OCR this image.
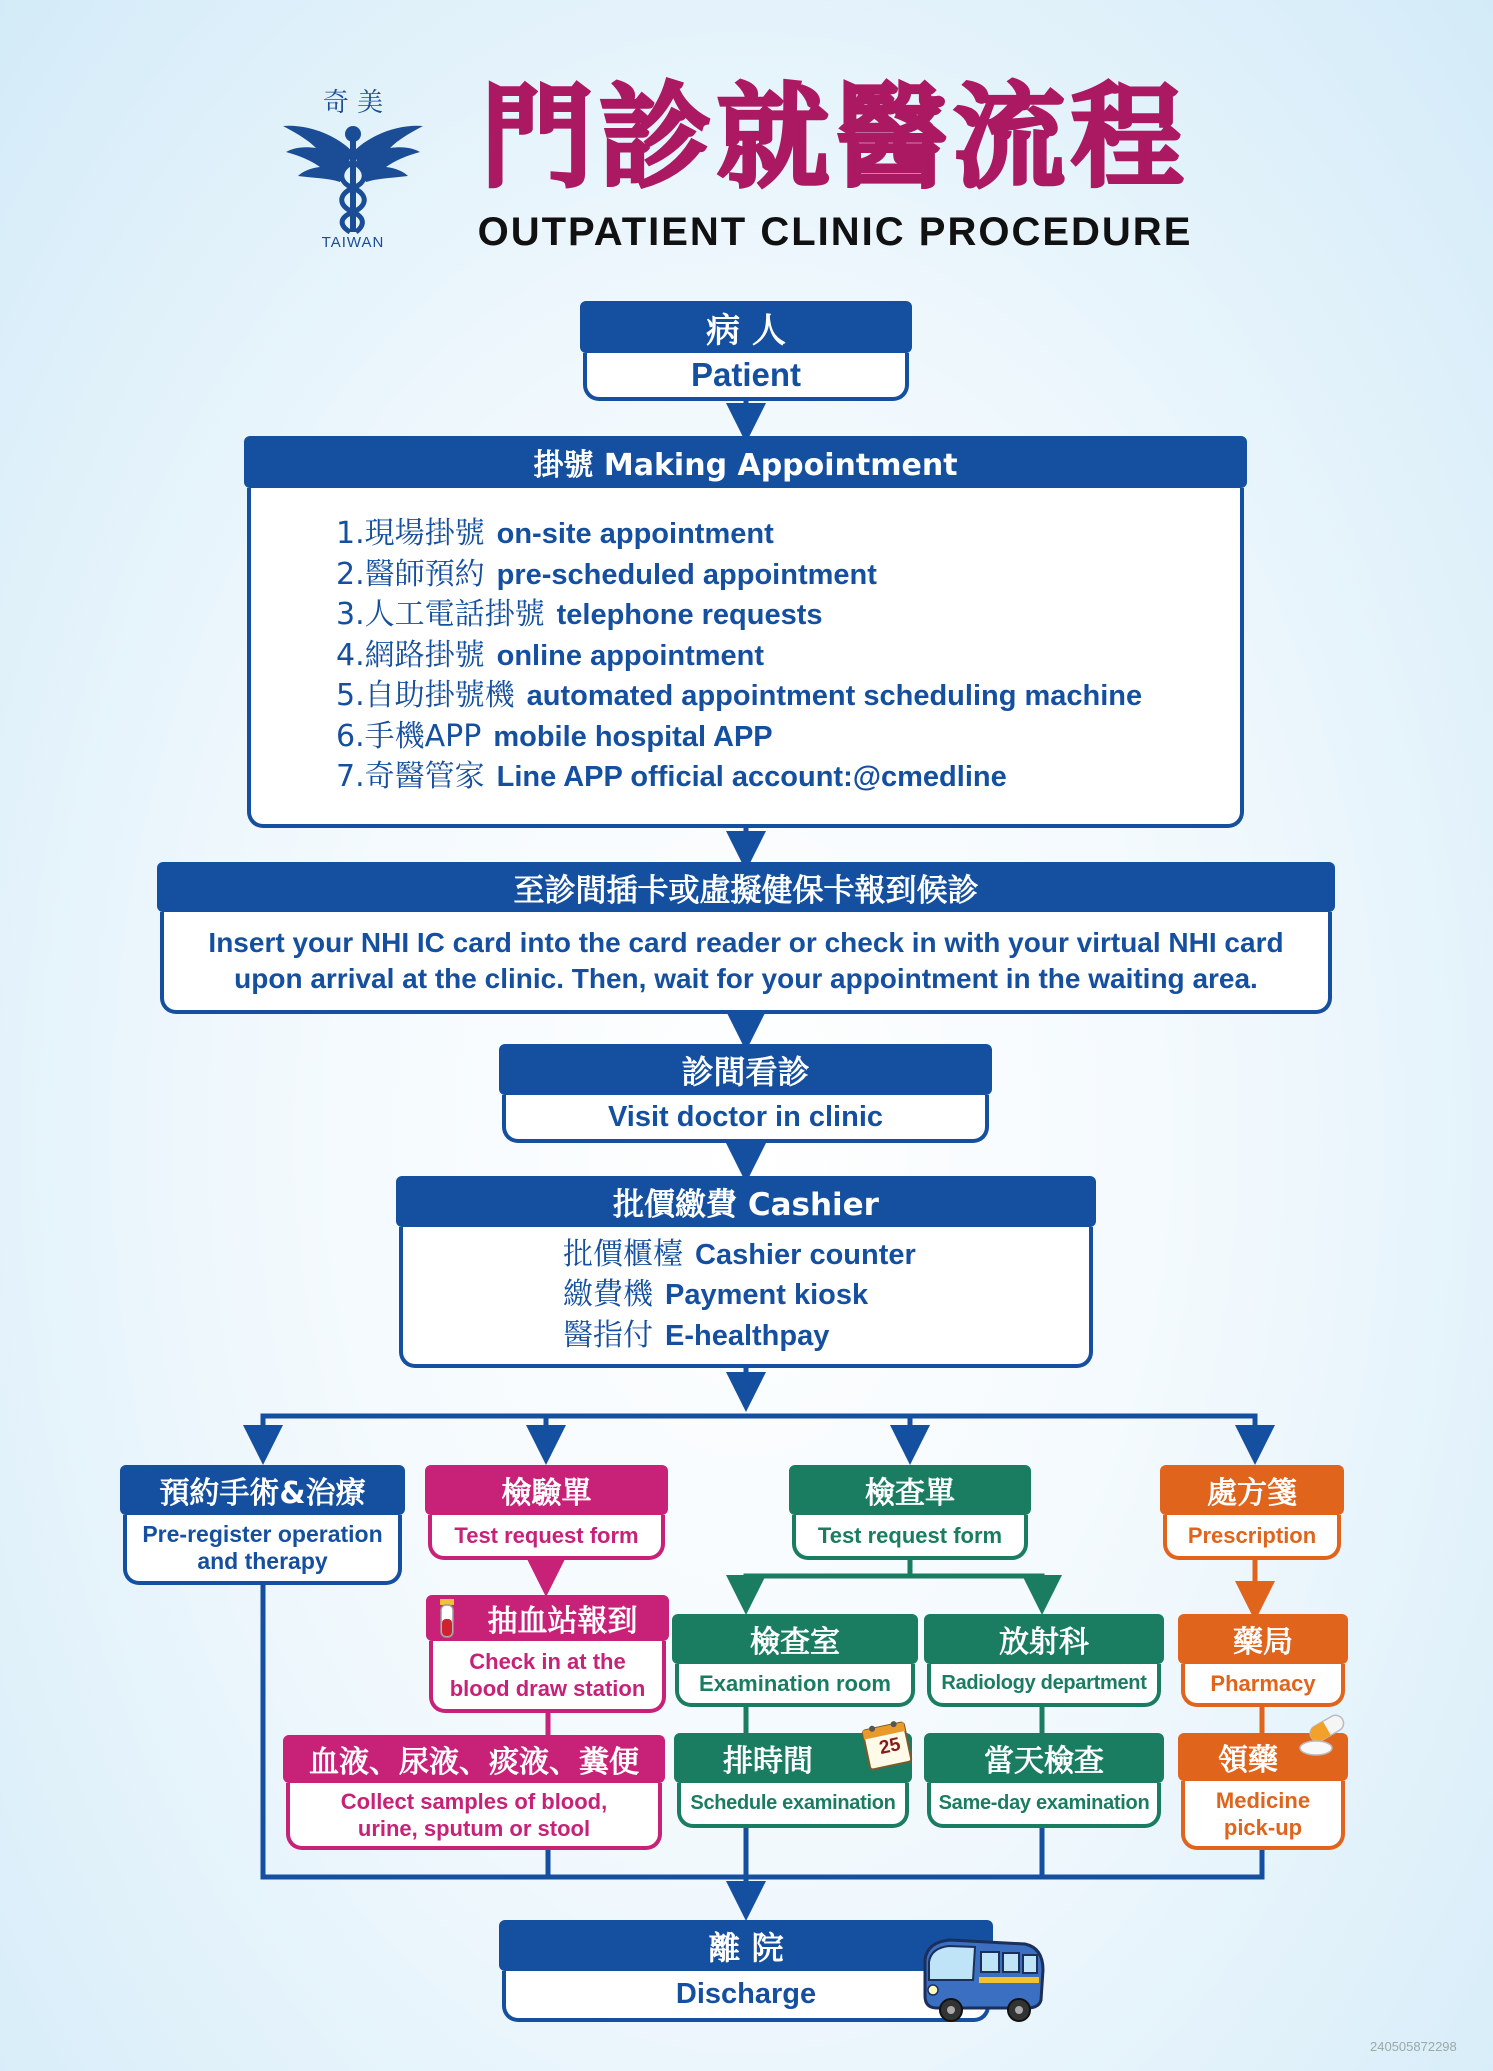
奇 美
TAIWAN
門診就醫流程
OUTPATIENT CLINIC PROCEDURE
病 人
Patient
掛號 Making Appointment
1.現場掛號 on-site appointment
2.醫師預約 pre-scheduled appointment
3.人工電話掛號 telephone requests
4.網路掛號 online appointment
5.自助掛號機 automated appointment scheduling machine
6.手機APP mobile hospital APP
7.奇醫管家 Line APP official account:@cmedline
至診間插卡或虛擬健保卡報到候診
Insert your NHI IC card into the card reader or check in with your virtual NHI card
upon arrival at the clinic. Then, wait for your appointment in the waiting area.
診間看診
Visit doctor in clinic
批價繳費 Cashier
批價櫃檯 Cashier counter
繳費機 Payment kiosk
醫指付 E-healthpay
預約手術&治療
Pre-register operation
and therapy
檢驗單
Test request form
抽血站報到
Check in at the
blood draw station
血液、尿液、痰液、糞便
Collect samples of blood,
urine, sputum or stool
檢查單
Test request form
檢查室
Examination room
放射科
Radiology department
排時間
Schedule examination
25	當天檢查
Same-day examination
處方箋
Prescription
藥局
Pharmacy
領藥
Medicine
pick-up
離 院
Discharge
240505872298
